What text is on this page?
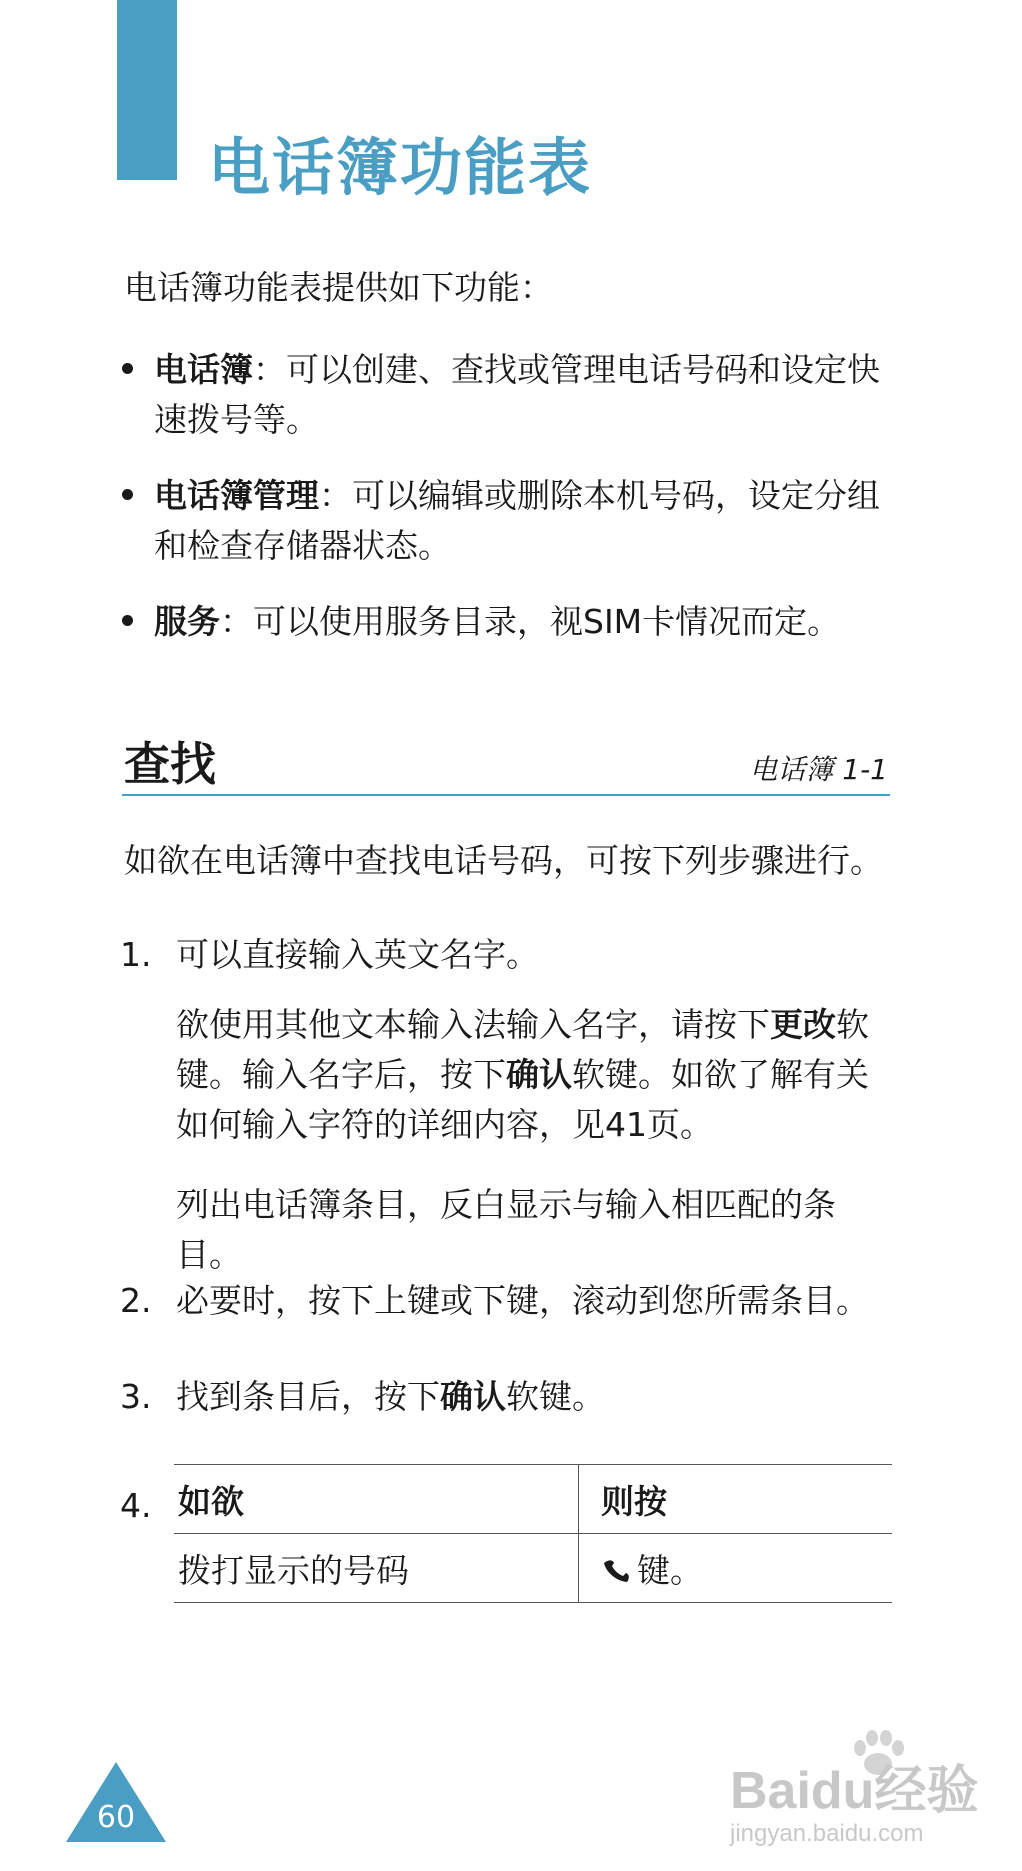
电话簿功能表
电话簿功能表提供如下功能：
电话簿：可以创建、查找或管理电话号码和设定快速拨号等。
电话簿管理：可以编辑或删除本机号码，设定分组和检查存储器状态。
服务：可以使用服务目录，视SIM卡情况而定。
查找	电话簿 1-1
如欲在电话簿中查找电话号码，可按下列步骤进行。
1. 可以直接输入英文名字。
欲使用其他文本输入法输入名字，请按下更改软键。输入名字后，按下确认软键。如欲了解有关如何输入字符的详细内容，见41页。
列出电话簿条目，反白显示与输入相匹配的条目。
2. 必要时，按下上键或下键，滚动到您所需条目。
3. 找到条目后，按下确认软键。
4. 如欲	则按
拨打显示的号码	键。
60	Baidu经验
jingyan.baidu.com
